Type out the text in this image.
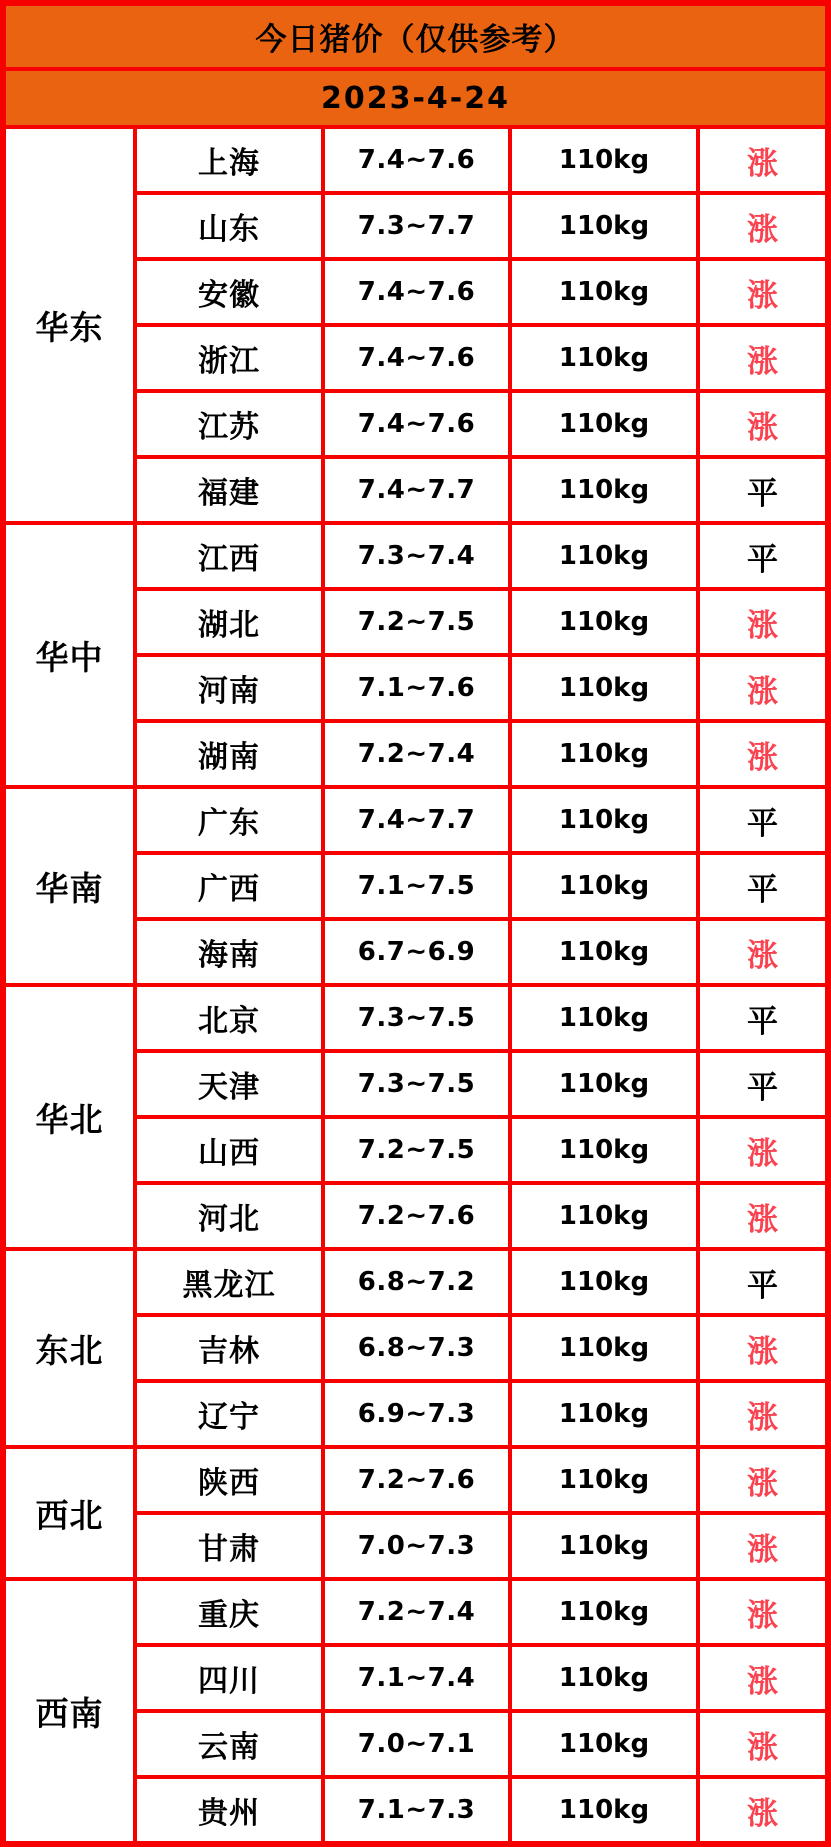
今日猪价（仅供参考）
2023-4-24
华东
上海	7.4~7.6	110kg	涨
山东	7.3~7.7	110kg	涨
安徽	7.4~7.6	110kg	涨
浙江	7.4~7.6	110kg	涨
江苏	7.4~7.6	110kg	涨
福建	7.4~7.7	110kg	平
华中
江西	7.3~7.4	110kg	平
湖北	7.2~7.5	110kg	涨
河南	7.1~7.6	110kg	涨
湖南	7.2~7.4	110kg	涨
华南
广东	7.4~7.7	110kg	平
广西	7.1~7.5	110kg	平
海南	6.7~6.9	110kg	涨
华北
北京	7.3~7.5	110kg	平
天津	7.3~7.5	110kg	平
山西	7.2~7.5	110kg	涨
河北	7.2~7.6	110kg	涨
东北
黑龙江	6.8~7.2	110kg	平
吉林	6.8~7.3	110kg	涨
辽宁	6.9~7.3	110kg	涨
西北
陕西	7.2~7.6	110kg	涨
甘肃	7.0~7.3	110kg	涨
西南
重庆	7.2~7.4	110kg	涨
四川	7.1~7.4	110kg	涨
云南	7.0~7.1	110kg	涨
贵州	7.1~7.3	110kg	涨
